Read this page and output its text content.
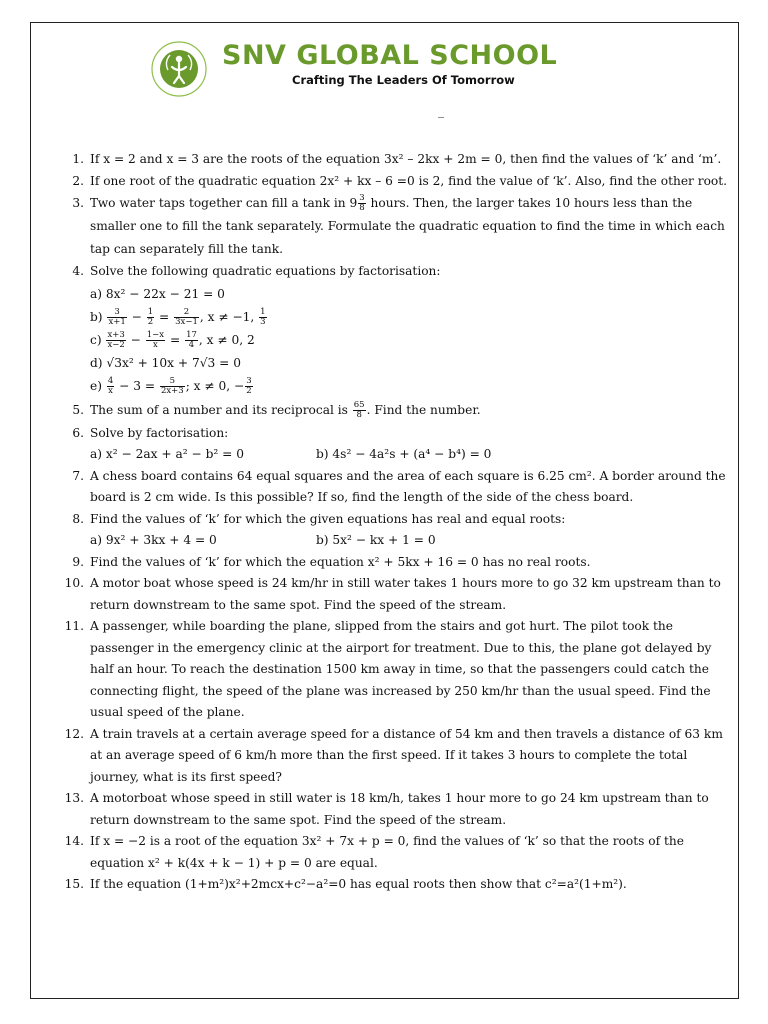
SNV GLOBAL SCHOOL
Crafting The Leaders Of Tomorrow
_
1. If x = 2 and x = 3 are the roots of the equation 3x² – 2kx + 2m = 0, then find the values of ‘k’ and ‘m’.
2. If one root of the quadratic equation 2x² + kx – 6 =0 is 2, find the value of ‘k’. Also, find the other root.
3. Two water taps together can fill a tank in $9 \frac{3}{8}$ hours. Then, the larger takes 10 hours less than the smaller one to fill the tank separately. Formulate the quadratic equation to find the time in which each tap can separately fill the tank.
4. Solve the following quadratic equations by factorisation:
a) 8x² − 22x − 21 = 0
$b) \frac{3}{x+1} - \frac{1}{2} = \frac{2}{3x-1}$ , x ≠ −1, $\frac{1}{3}$
$c) \frac{x+3}{x-2} - \frac{1-x}{x} = \frac{17}{4}$ , x ≠ 0, 2
d) √3x² + 10x + 7√3 = 0
$e) \frac{4}{x} - 3 = \frac{5}{2x+3}$ ; x ≠ 0, − $\frac{3}{2}$
5. The sum of a number and its reciprocal is $\frac{65}{8}$ . Find the number.
6. Solve by factorisation:
a) x² − 2ax + a² − b² = 0	b) 4s² − 4a²s + (a⁴ − b⁴) = 0
7. A chess board contains 64 equal squares and the area of each square is 6.25 cm². A border around the board is 2 cm wide. Is this possible? If so, find the length of the side of the chess board.
8. Find the values of ‘k’ for which the given equations has real and equal roots:
a) 9x² + 3kx + 4 = 0	b) 5x² − kx + 1 = 0
9. Find the values of ‘k’ for which the equation x² + 5kx + 16 = 0 has no real roots.
10. A motor boat whose speed is 24 km/hr in still water takes 1 hours more to go 32 km upstream than to return downstream to the same spot. Find the speed of the stream.
11. A passenger, while boarding the plane, slipped from the stairs and got hurt. The pilot took the passenger in the emergency clinic at the airport for treatment. Due to this, the plane got delayed by half an hour. To reach the destination 1500 km away in time, so that the passengers could catch the connecting flight, the speed of the plane was increased by 250 km/hr than the usual speed. Find the usual speed of the plane.
12. A train travels at a certain average speed for a distance of 54 km and then travels a distance of 63 km at an average speed of 6 km/h more than the first speed. If it takes 3 hours to complete the total journey, what is its first speed?
13. A motorboat whose speed in still water is 18 km/h, takes 1 hour more to go 24 km upstream than to return downstream to the same spot. Find the speed of the stream.
14. If x = −2 is a root of the equation 3x² + 7x + p = 0, find the values of ‘k’ so that the roots of the equation x² + k(4x + k − 1) + p = 0 are equal.
15. If the equation (1+m²)x²+2mcx+c²−a²=0 has equal roots then show that c²=a²(1+m²).
